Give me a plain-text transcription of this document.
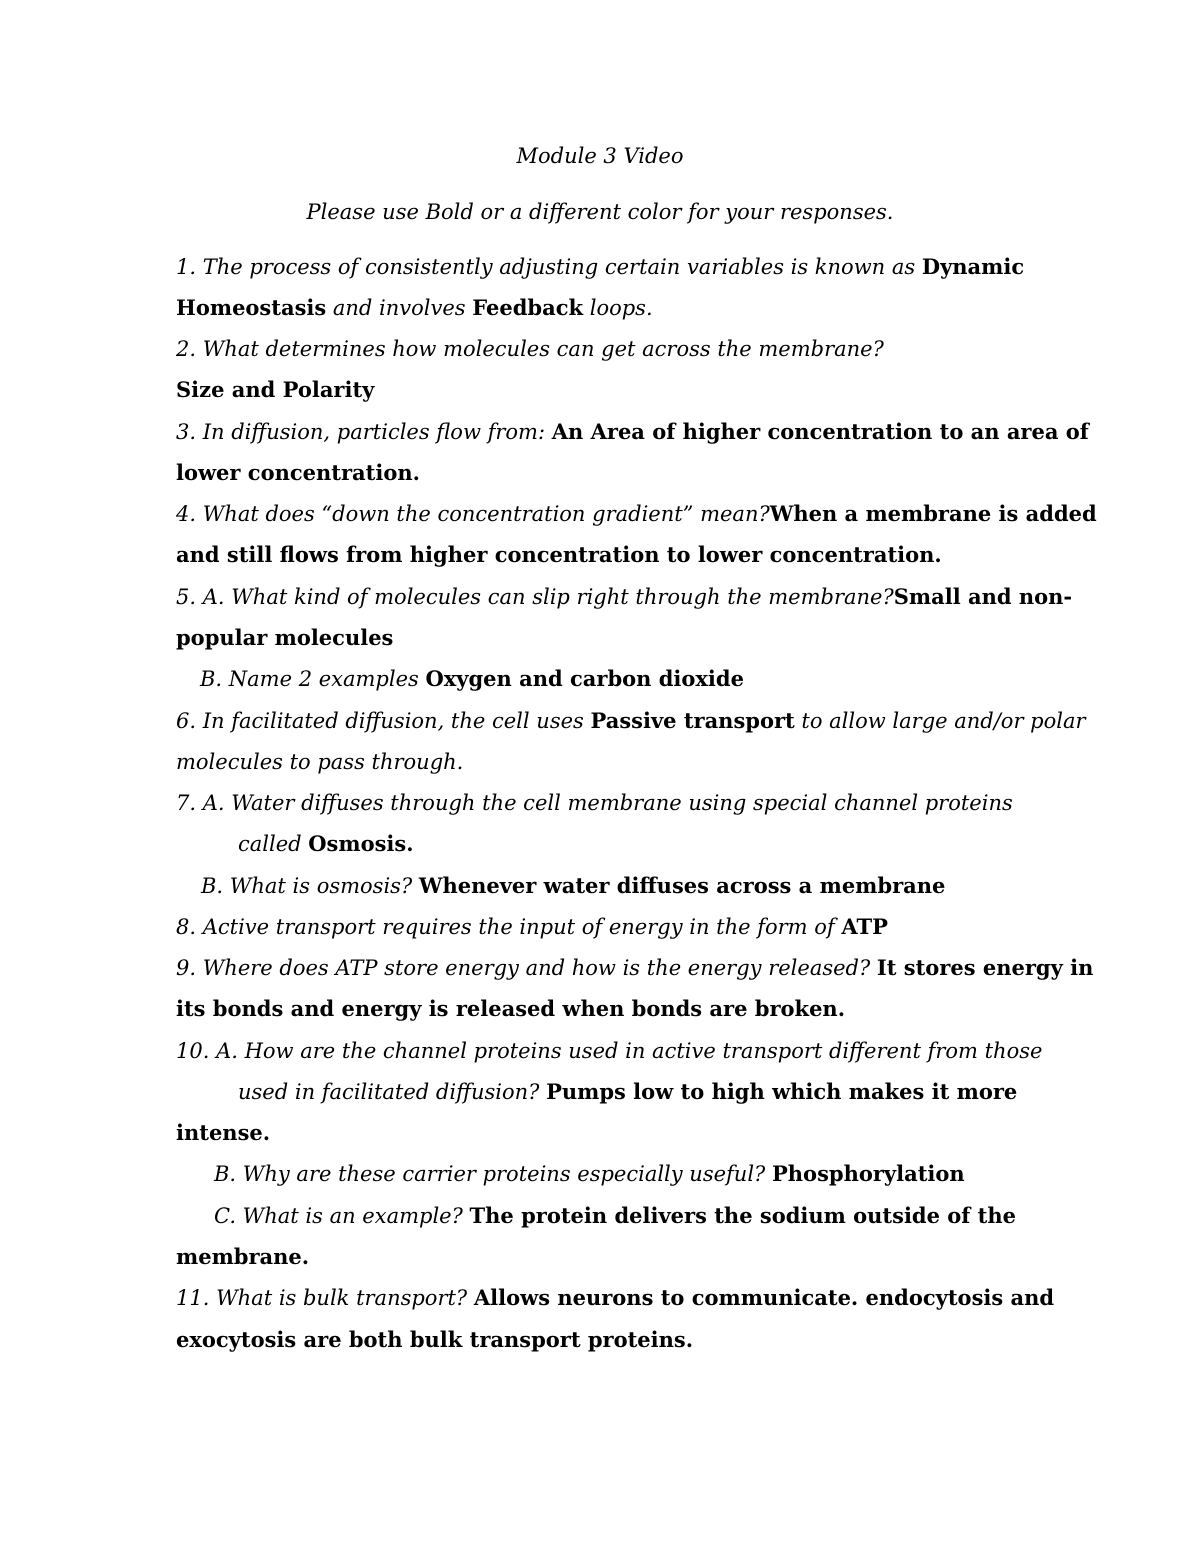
Module 3 Video
Please use Bold or a different color for your responses.
1. The process of consistently adjusting certain variables is known as Dynamic
Homeostasis and involves Feedback loops.
2. What determines how molecules can get across the membrane?
Size and Polarity
3. In diffusion, particles flow from: An Area of higher concentration to an area of
lower concentration.
4. What does “down the concentration gradient” mean?When a membrane is added
and still flows from higher concentration to lower concentration.
5. A. What kind of molecules can slip right through the membrane?Small and non-
popular molecules
B. Name 2 examples Oxygen and carbon dioxide
6. In facilitated diffusion, the cell uses Passive transport to allow large and/or polar
molecules to pass through.
7. A. Water diffuses through the cell membrane using special channel proteins
called Osmosis.
B. What is osmosis? Whenever water diffuses across a membrane
8. Active transport requires the input of energy in the form of ATP
9. Where does ATP store energy and how is the energy released? It stores energy in
its bonds and energy is released when bonds are broken.
10. A. How are the channel proteins used in active transport different from those
used in facilitated diffusion? Pumps low to high which makes it more
intense.
B. Why are these carrier proteins especially useful? Phosphorylation
C. What is an example? The protein delivers the sodium outside of the
membrane.
11. What is bulk transport? Allows neurons to communicate. endocytosis and
exocytosis are both bulk transport proteins.
